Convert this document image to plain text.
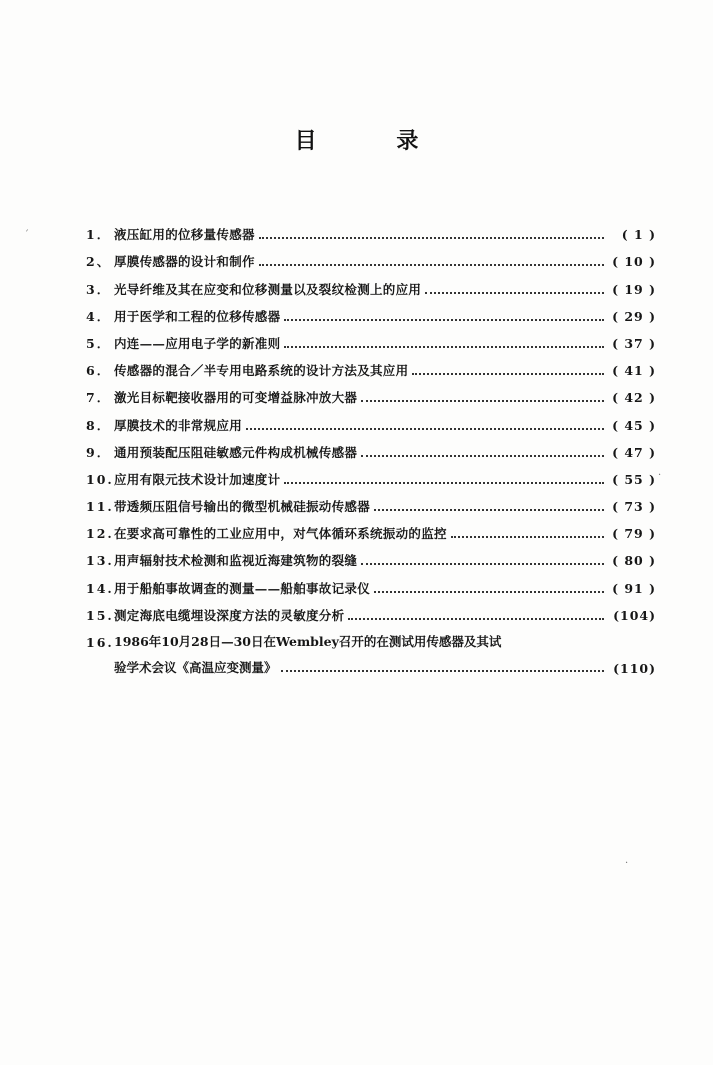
目 录
1． 液压缸用的位移量传感器	( 1 )
2、 厚膜传感器的设计和制作	( 10 )
3． 光导纤维及其在应变和位移测量以及裂纹检测上的应用	( 19 )
4． 用于医学和工程的位移传感器	( 29 )
5． 内连——应用电子学的新准则	( 37 )
6． 传感器的混合／半专用电路系统的设计方法及其应用	( 41 )
7． 激光目标靶接收器用的可变增益脉冲放大器	( 42 )
8． 厚膜技术的非常规应用	( 45 )
9． 通用预装配压阻硅敏感元件构成机械传感器	( 47 )
10. 应用有限元技术设计加速度计	( 55 )
11. 带透频压阻信号输出的微型机械硅振动传感器	( 73 )
12. 在要求高可靠性的工业应用中，对气体循环系统振动的监控	( 79 )
13. 用声辐射技术检测和监视近海建筑物的裂缝	( 80 )
14. 用于船舶事故调查的测量——船舶事故记录仪	( 91 )
15. 测定海底电缆埋设深度方法的灵敏度分析	(104)
16. 1986年10月28日—30日在Wembley召开的在测试用传感器及其试
验学术会议《高温应变测量》	(110)
ˊ
·
·
